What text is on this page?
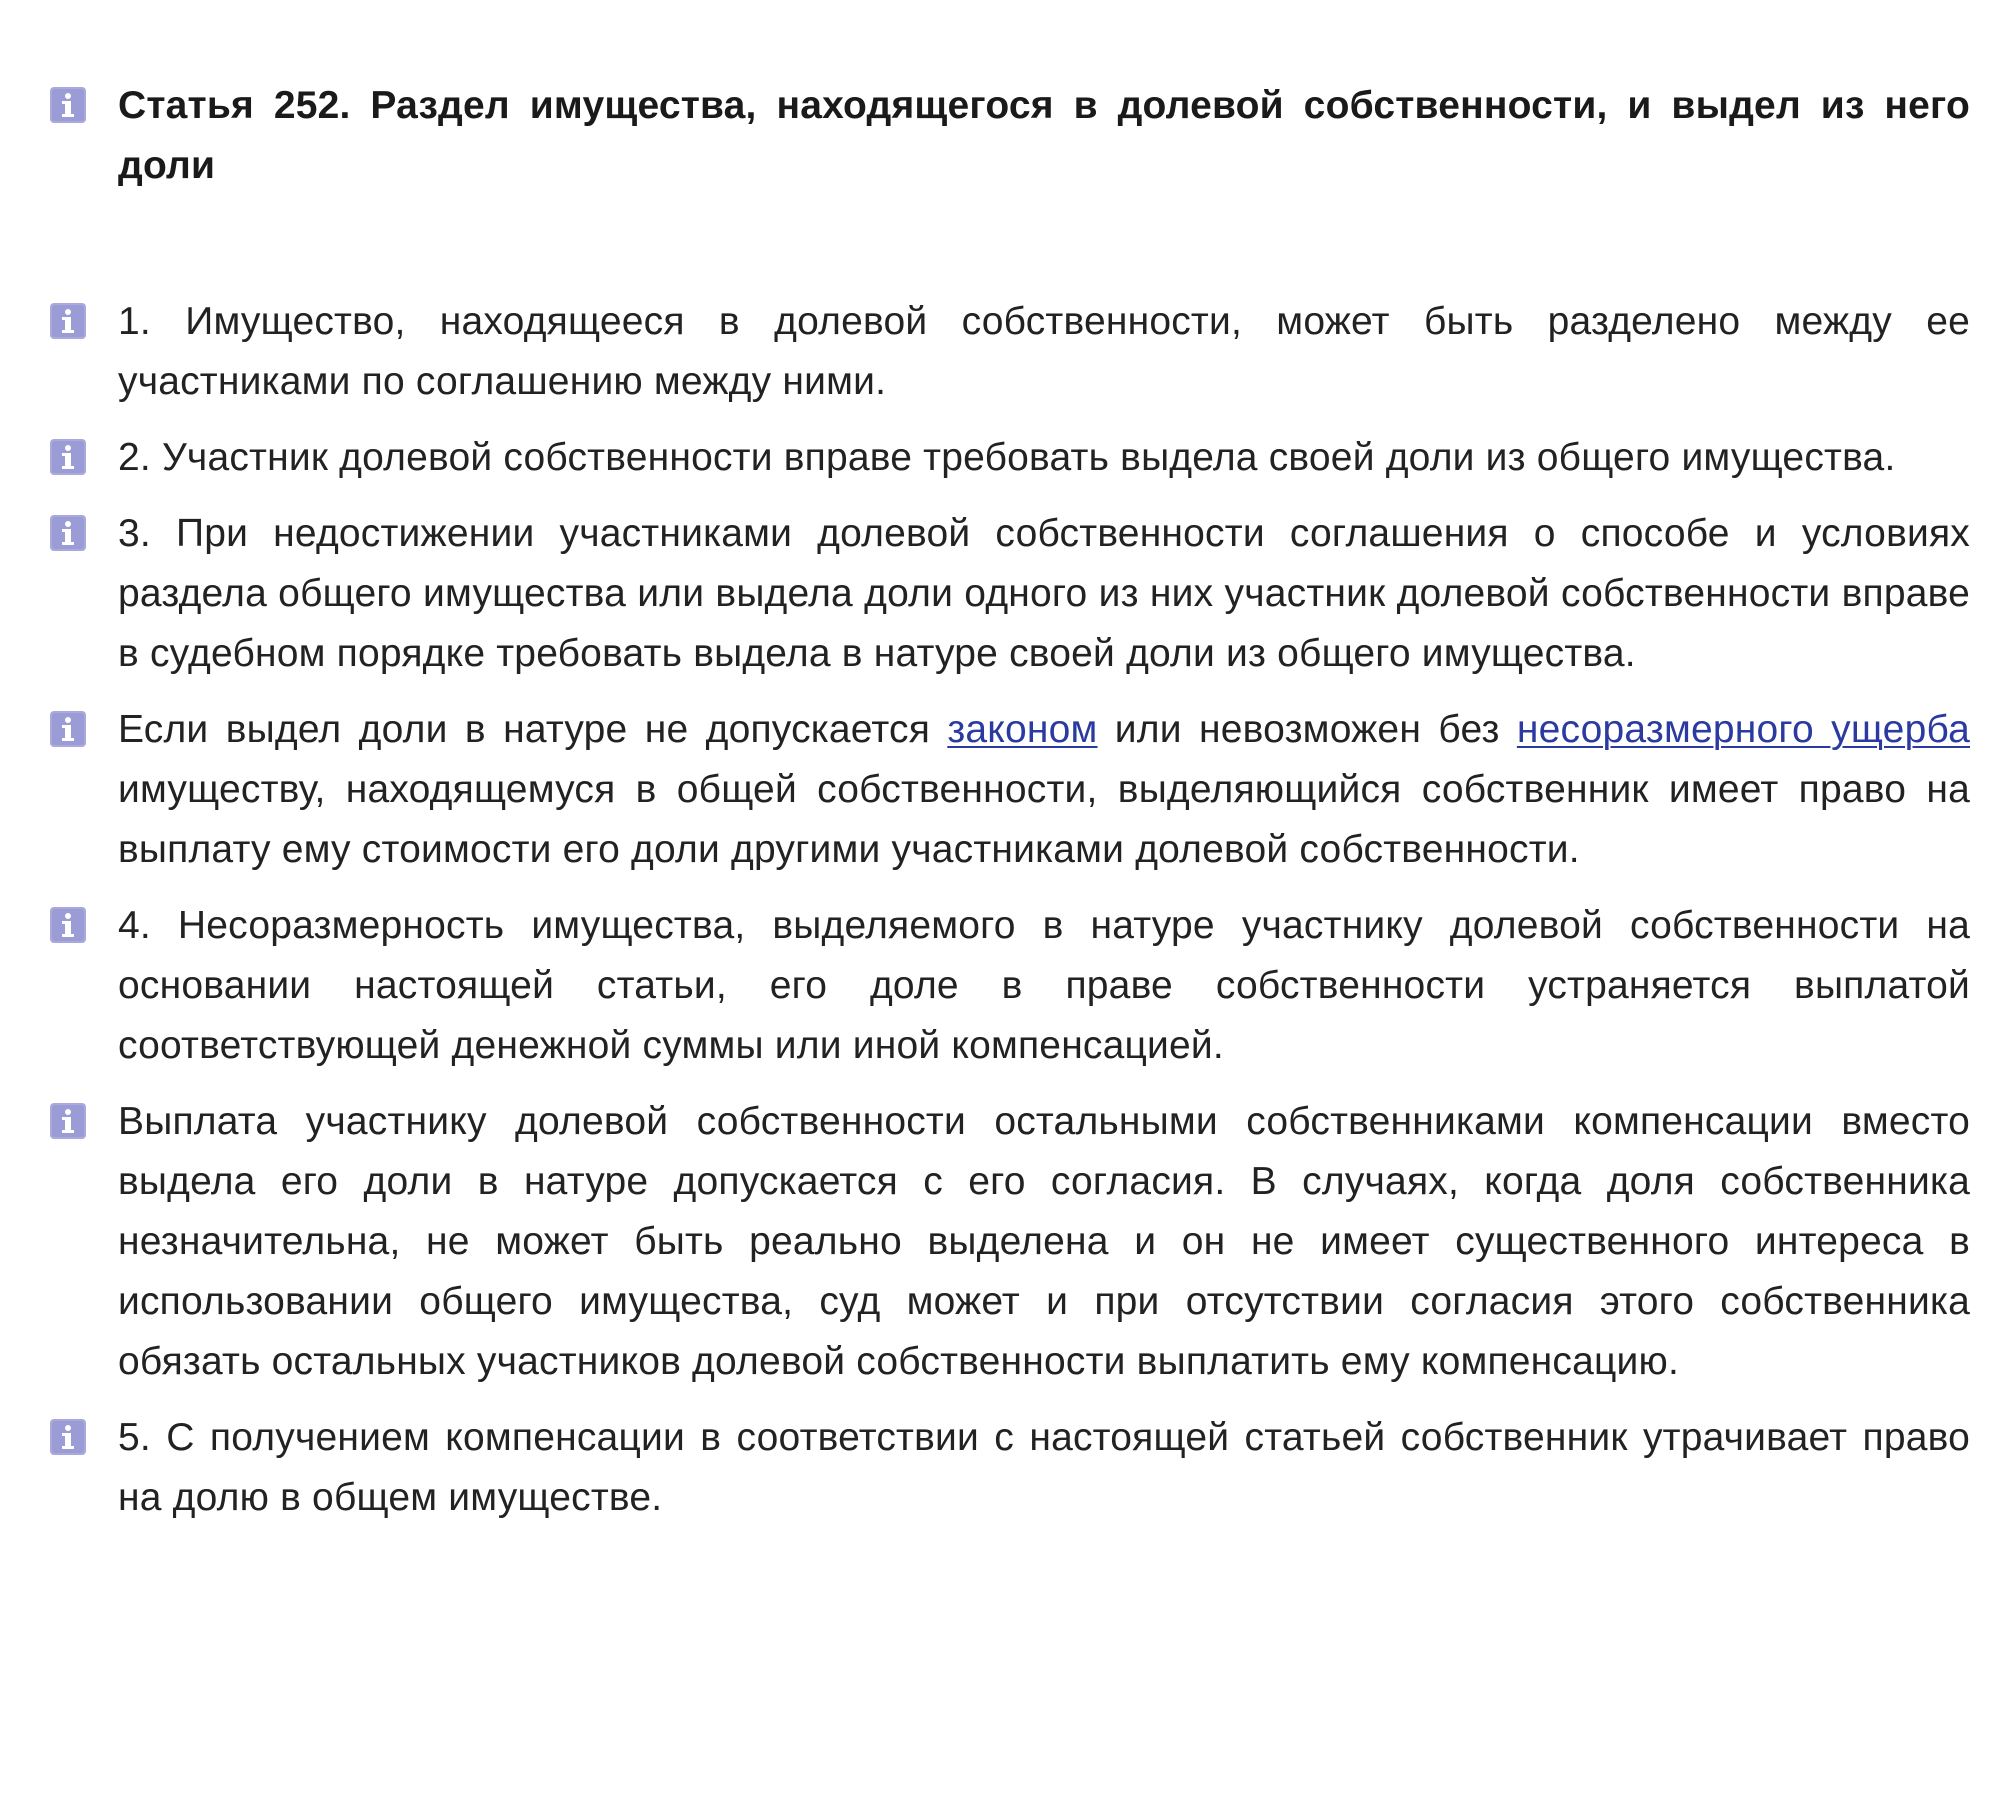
Статья 252. Раздел имущества, находящегося в долевой собственности, и выдел из него доли
1. Имущество, находящееся в долевой собственности, может быть разделено между ее участниками по соглашению между ними.
2. Участник долевой собственности вправе требовать выдела своей доли из общего имущества.
3. При недостижении участниками долевой собственности соглашения о способе и условиях раздела общего имущества или выдела доли одного из них участник долевой собственности вправе в судебном порядке требовать выдела в натуре своей доли из общего имущества.
Если выдел доли в натуре не допускается законом или невозможен без несоразмерного ущерба имуществу, находящемуся в общей собственности, выделяющийся собственник имеет право на выплату ему стоимости его доли другими участниками долевой собственности.
4. Несоразмерность имущества, выделяемого в натуре участнику долевой собственности на основании настоящей статьи, его доле в праве собственности устраняется выплатой соответствующей денежной суммы или иной компенсацией.
Выплата участнику долевой собственности остальными собственниками компенсации вместо выдела его доли в натуре допускается с его согласия. В случаях, когда доля собственника незначительна, не может быть реально выделена и он не имеет существенного интереса в использовании общего имущества, суд может и при отсутствии согласия этого собственника обязать остальных участников долевой собственности выплатить ему компенсацию.
5. С получением компенсации в соответствии с настоящей статьей собственник утрачивает право на долю в общем имуществе.
